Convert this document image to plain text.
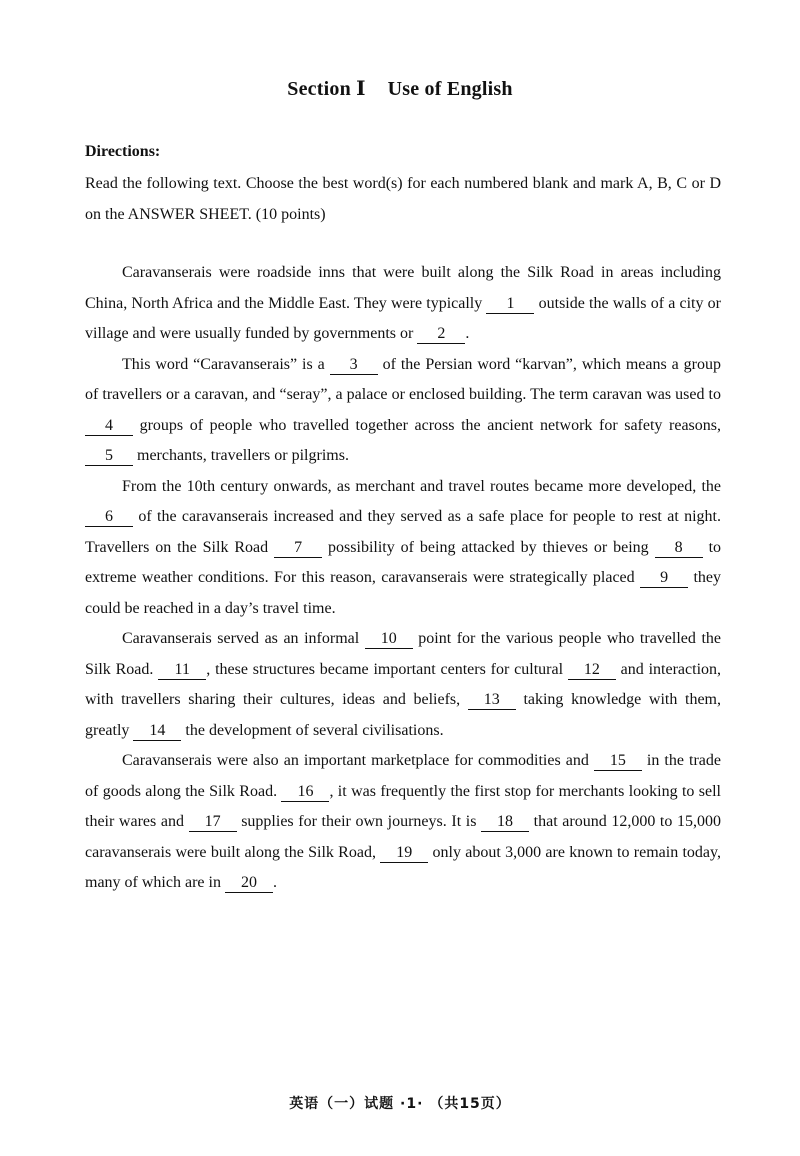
Section Ⅰ Use of English
Directions:
Read the following text. Choose the best word(s) for each numbered blank and mark A, B, C or D on the ANSWER SHEET. (10 points)

Caravanserais were roadside inns that were built along the Silk Road in areas including China, North Africa and the Middle East. They were typically 1 outside the walls of a city or village and were usually funded by governments or 2 .

This word “Caravanserais” is a 3 of the Persian word “karvan”, which means a group of travellers or a caravan, and “seray”, a palace or enclosed building. The term caravan was used to 4 groups of people who travelled together across the ancient network for safety reasons, 5 merchants, travellers or pilgrims.

From the 10th century onwards, as merchant and travel routes became more developed, the 6 of the caravanserais increased and they served as a safe place for people to rest at night. Travellers on the Silk Road 7 possibility of being attacked by thieves or being 8 to extreme weather conditions. For this reason, caravanserais were strategically placed 9 they could be reached in a day’s travel time.

Caravanserais served as an informal 10 point for the various people who travelled the Silk Road. 11 , these structures became important centers for cultural 12 and interaction, with travellers sharing their cultures, ideas and beliefs, 13 taking knowledge with them, greatly 14 the development of several civilisations.

Caravanserais were also an important marketplace for commodities and 15 in the trade of goods along the Silk Road. 16 , it was frequently the first stop for merchants looking to sell their wares and 17 supplies for their own journeys. It is 18 that around 12,000 to 15,000 caravanserais were built along the Silk Road, 19 only about 3,000 are known to remain today, many of which are in 20 .

英语（一）试题 ·1· （共15页）
